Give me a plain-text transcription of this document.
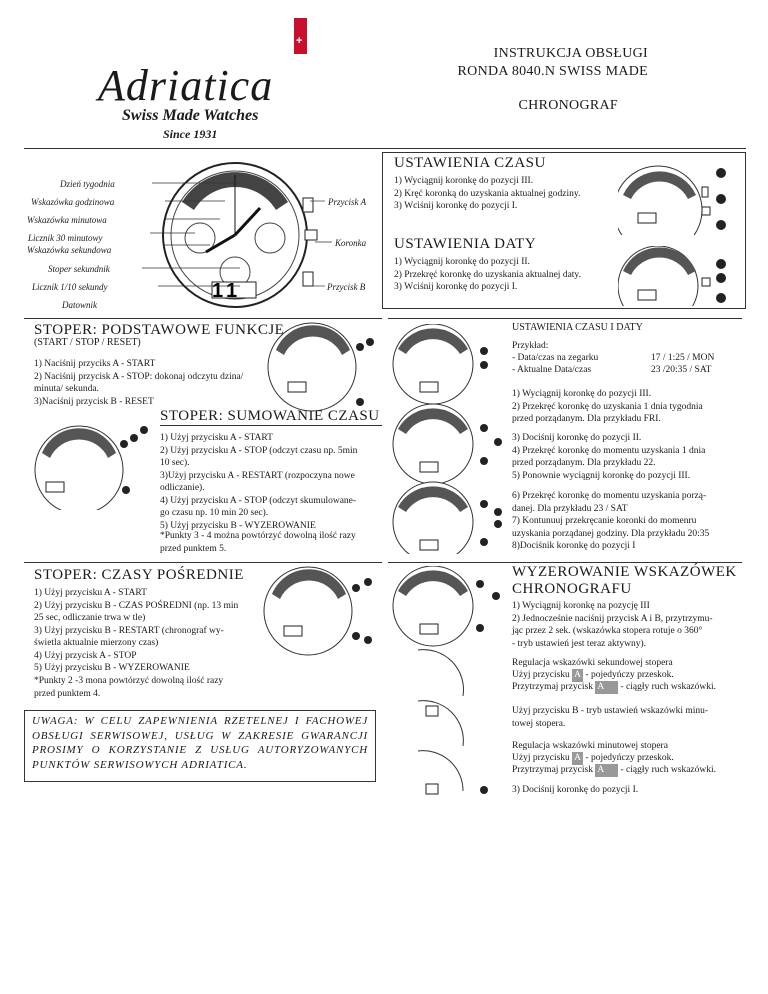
+
Adriatica
Swiss Made Watches
Since 1931
INSTRUKCJA OBSŁUGI
RONDA 8040.N SWISS MADE
CHRONOGRAF
11
Dzień tygodnia
Wskazówka godzinowa
Wskazówka minutowa
Licznik 30 minutowy
Wskazówka sekundowa
Stoper sekundnik
Licznik 1/10 sekundy
Datownik
Przycisk A
Koronka
Przycisk B
USTAWIENIA CZASU
1) Wyciągnij koronkę do pozycji III.
2) Kręć koronką do uzyskania aktualnej godziny.
3) Wciśnij koronkę do pozycji I.
USTAWIENIA DATY
1) Wyciągnij koronkę do pozycji II.
2) Przekręć koronkę do uzyskania aktualnej daty.
3) Wciśnij koronkę do pozycji I.
STOPER: PODSTAWOWE FUNKCJE
(START / STOP / RESET)
1) Naciśnij przyciks A - START
2) Naciśnij przycisk A - STOP: dokonaj odczytu dzina/
minuta/ sekunda.
3)Naciśnij przycisk B - RESET
STOPER: SUMOWANIE CZASU
1) Użyj przycisku A - START
2) Użyj przycisku A - STOP (odczyt czasu np. 5min
10 sec).
3)Użyj przycisku A - RESTART (rozpoczyna nowe
odliczanie).
4) Użyj przycisku A - STOP (odczyt skumulowane-
go czasu np. 10 min 20 sec).
5) Użyj przycisku B - WYZEROWANIE
*Punkty 3 - 4 można powtórzyć dowolną ilość razy
przed punktem 5.
STOPER: CZASY POŚREDNIE
1) Użyj przycisku A - START
2) Użyj przycisku B - CZAS POŚREDNI (np. 13 min
25 sec, odliczanie trwa w tle)
3) Użyj przycisku B - RESTART (chronograf wy-
świetla aktualnie mierzony czas)
4) Użyj przycisk A - STOP
5) Użyj przycisku B - WYZEROWANIE
*Punkty 2 -3 mona powtórzyć dowolną ilość razy
przed punktem 4.
UWAGA: W CELU ZAPEWNIENIA RZETELNEJ I FACHOWEJ OBSŁUGI SERWISOWEJ, USŁUG W ZAKRESIE GWARANCJI PROSIMY O KORZYSTANIE Z USŁUG AUTORYZOWANYCH PUNKTÓW SERWISOWYCH ADRIATICA.
USTAWIENIA CZASU I DATY
Przykład:
- Data/czas na zegarku	17 / 1:25 / MON
- Aktualne Data/czas	23 /20:35 / SAT
1) Wyciągnij koronkę do pozycji III.
2) Przekręć koronkę do uzyskania 1 dnia tygodnia
przed porządanym. Dla przykładu FRI.
3) Dociśnij koronkę do pozycji II.
4) Przekręć koronkę do momentu uzyskania 1 dnia
przed porządanym. Dla przykładu 22.
5) Ponownie wyciągnij koronkę do pozycji III.
6) Przekręć koronkę do momentu uzyskania porzą-
danej. Dla przykładu 23 / SAT
7) Kontunuuj przekręcanie koronki do momenru
uzyskania porządanej godziny. Dla przykładu 20:35
8)Dociśnik koronkę do pozycji I
WYZEROWANIE WSKAZÓWEK
CHRONOGRAFU
1) Wyciągnij koronkę na pozycję III
2) Jednocześnie naciśnij przycisk A i B, przytrzymu-
jąc przez 2 sek. (wskazówka stopera rotuje o 360°
- tryb ustawień jest teraz aktywny).
Regulacja wskazówki sekundowej stopera
Użyj przycisku A - pojedyńczy przeskok.
Przytrzymaj przycisk A - ciągły ruch wskazówki.
Użyj przycisku B - tryb ustawień wskazówki minu-
towej stopera.
Regulacja wskazówki minutowej stopera
Użyj przycisku A - pojedyńczy przeskok.
Przytrzymaj przycisk A - ciągły ruch wskazówki.
3) Dociśnij koronkę do pozycji I.
